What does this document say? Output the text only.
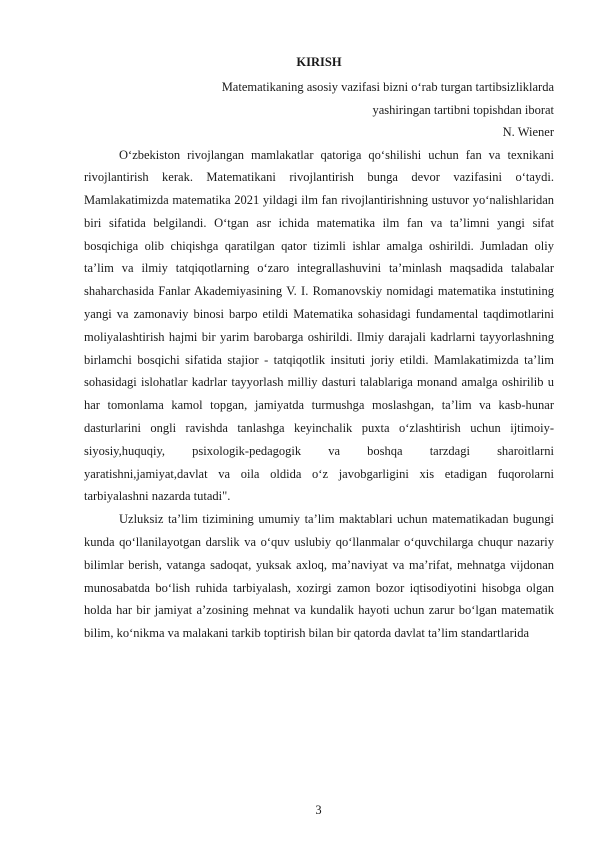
KIRISH
Matematikaning asosiy vazifasi bizni o‘rab turgan tartibsizliklarda
yashiringan tartibni topishdan iborat
N. Wiener

O‘zbekiston rivojlangan mamlakatlar qatoriga qo‘shilishi uchun fan va texnikani rivojlantirish kerak. Matematikani rivojlantirish bunga devor vazifasini o‘taydi. Mamlakatimizda matematika 2021 yildagi ilm fan rivojlantirishning ustuvor yo‘nalishlaridan biri sifatida belgilandi. O‘tgan asr ichida matematika ilm fan va ta’limni yangi sifat bosqichiga olib chiqishga qaratilgan qator tizimli ishlar amalga oshirildi. Jumladan oliy ta’lim va ilmiy tatqiqotlarning o‘zaro integrallashuvini ta’minlash maqsadida talabalar shaharchasida Fanlar Akademiyasining V. I. Romanovskiy nomidagi matematika instutining yangi va zamonaviy binosi barpo etildi Matematika sohasidagi fundamental taqdimotlarini moliyalashtirish hajmi bir yarim barobarga oshirildi. Ilmiy darajali kadrlarni tayyorlashning birlamchi bosqichi sifatida stajior - tatqiqotlik insituti joriy etildi. Mamlakatimizda ta’lim sohasidagi islohatlar kadrlar tayyorlash milliy dasturi talablariga monand amalga oshirilib u har tomonlama kamol topgan, jamiyatda turmushga moslashgan, ta’lim va kasb-hunar dasturlarini ongli ravishda tanlashga keyinchalik puxta o‘zlashtirish uchun ijtimoiy-siyosiy,huquqiy, psixologik-pedagogik va boshqa tarzdagi sharoitlarni yaratishni,jamiyat,davlat va oila oldida o‘z javobgarligini xis etadigan fuqorolarni tarbiyalashni nazarda tutadi".

Uzluksiz ta’lim tizimining umumiy ta’lim maktablari uchun matematikadan bugungi kunda qo‘llanilayotgan darslik va o‘quv uslubiy qo‘llanmalar o‘quvchilarga chuqur nazariy bilimlar berish, vatanga sadoqat, yuksak axloq, ma’naviyat va ma’rifat, mehnatga vijdonan munosabatda bo‘lish ruhida tarbiyalash, xozirgi zamon bozor iqtisodiyotini hisobga olgan holda har bir jamiyat a’zosining mehnat va kundalik hayoti uchun zarur bo‘lgan matematik bilim, ko‘nikma va malakani tarkib toptirish bilan bir qatorda davlat ta’lim standartlarida

3
